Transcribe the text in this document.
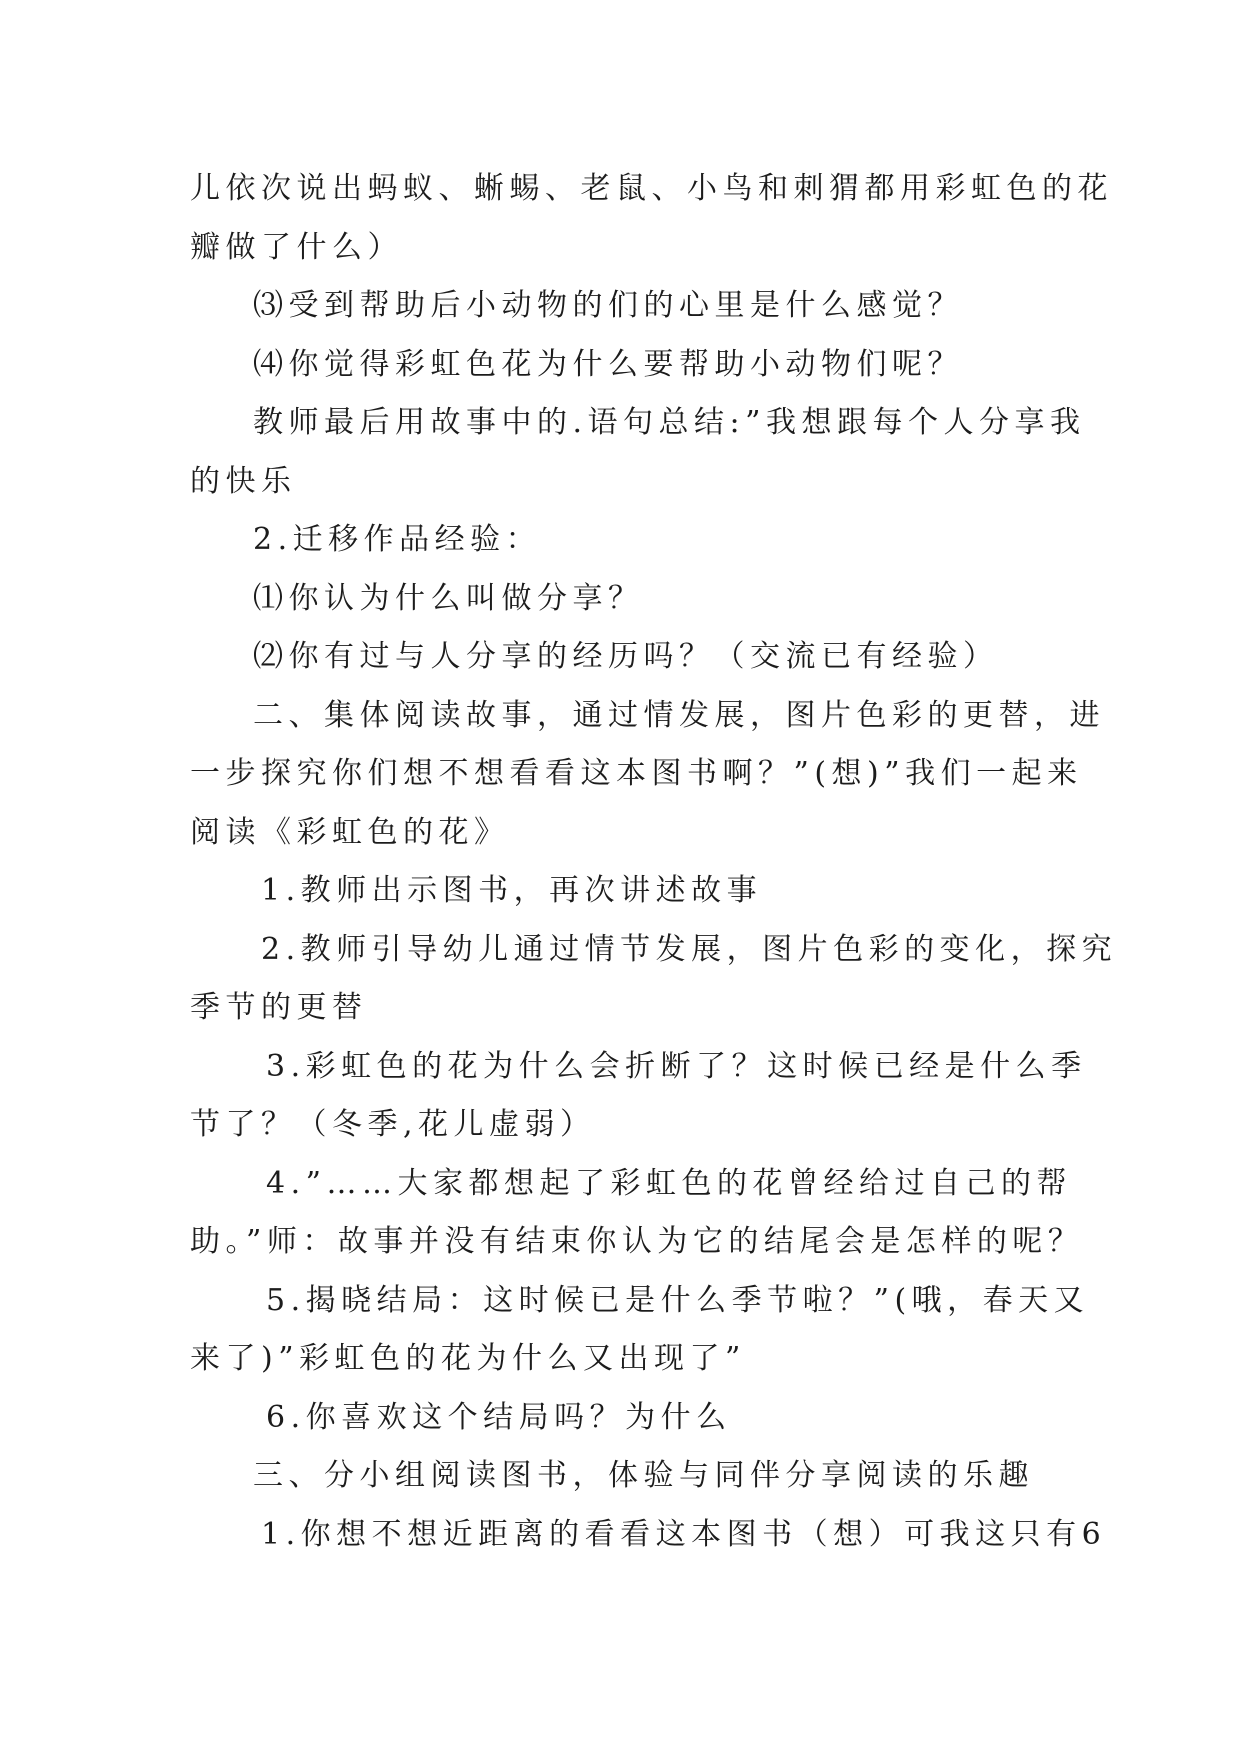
儿依次说出蚂蚁、蜥蜴、老鼠、小鸟和刺猬都用彩虹色的花
瓣做了什么）
⑶受到帮助后小动物的们的心里是什么感觉？
⑷你觉得彩虹色花为什么要帮助小动物们呢？
教师最后用故事中的.语句总结:”我想跟每个人分享我
的快乐
2.迁移作品经验：
⑴你认为什么叫做分享？
⑵你有过与人分享的经历吗？（交流已有经验）
二、集体阅读故事，通过情发展，图片色彩的更替，进
一步探究你们想不想看看这本图书啊？”(想)”我们一起来
阅读《彩虹色的花》
1.教师出示图书，再次讲述故事
2.教师引导幼儿通过情节发展，图片色彩的变化，探究
季节的更替
3.彩虹色的花为什么会折断了？这时候已经是什么季
节了？（冬季,花儿虚弱）
4.”……大家都想起了彩虹色的花曾经给过自己的帮
助。”师：故事并没有结束你认为它的结尾会是怎样的呢？
5.揭晓结局：这时候已是什么季节啦？”(哦，春天又
来了)”彩虹色的花为什么又出现了”
6.你喜欢这个结局吗？为什么
三、分小组阅读图书，体验与同伴分享阅读的乐趣
1.你想不想近距离的看看这本图书（想）可我这只有6
